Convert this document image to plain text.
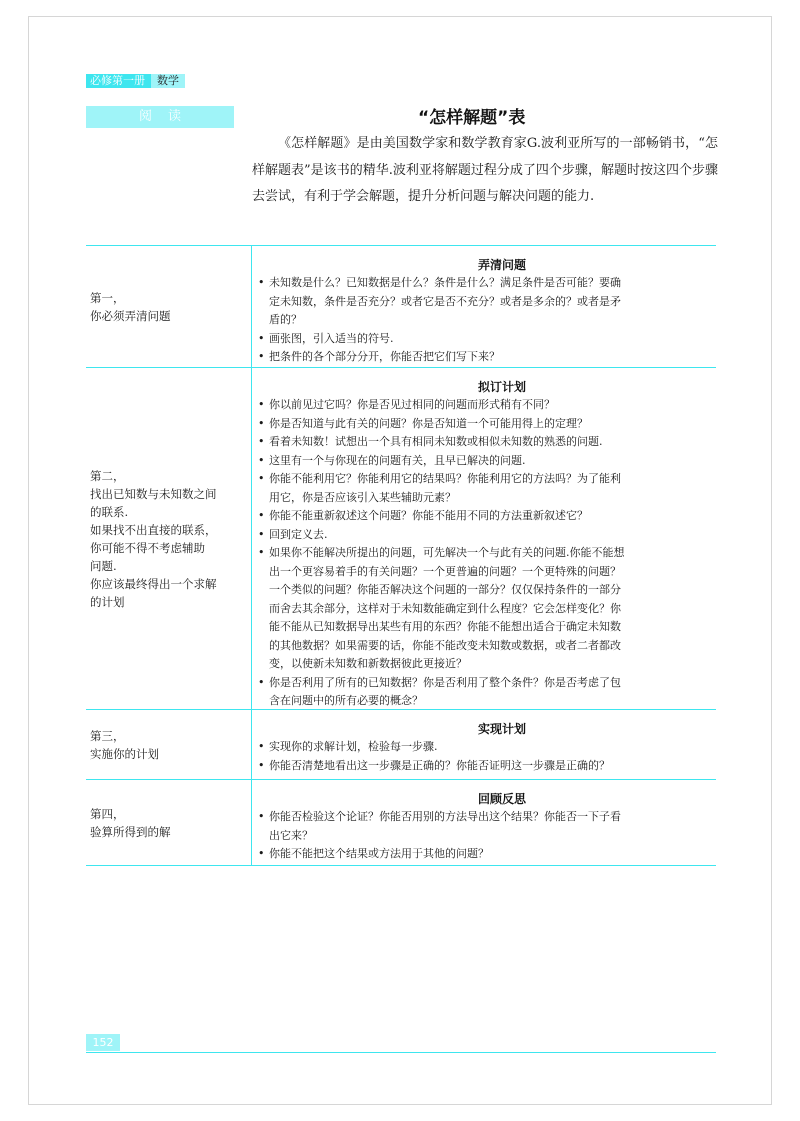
必修第一册	数学
阅读	“怎样解题”表
《怎样解题》是由美国数学家和数学教育家G.波利亚所写的一部畅销书，“怎样解题表”是该书的精华.波利亚将解题过程分成了四个步骤，解题时按这四个步骤去尝试，有利于学会解题，提升分析问题与解决问题的能力.
第一，
你必须弄清问题
弄清问题
• 未知数是什么？已知数据是什么？条件是什么？满足条件是否可能？要确
定未知数，条件是否充分？或者它是否不充分？或者是多余的？或者是矛
盾的？
• 画张图，引入适当的符号.
• 把条件的各个部分分开，你能否把它们写下来？
第二，
找出已知数与未知数之间
的联系.
如果找不出直接的联系，
你可能不得不考虑辅助
问题.
你应该最终得出一个求解
的计划
拟订计划
• 你以前见过它吗？你是否见过相同的问题而形式稍有不同？
• 你是否知道与此有关的问题？你是否知道一个可能用得上的定理？
• 看着未知数！试想出一个具有相同未知数或相似未知数的熟悉的问题.
• 这里有一个与你现在的问题有关，且早已解决的问题.
• 你能不能利用它？你能利用它的结果吗？你能利用它的方法吗？为了能利
用它，你是否应该引入某些辅助元素？
• 你能不能重新叙述这个问题？你能不能用不同的方法重新叙述它？
• 回到定义去.
• 如果你不能解决所提出的问题，可先解决一个与此有关的问题.你能不能想
出一个更容易着手的有关问题？一个更普遍的问题？一个更特殊的问题？
一个类似的问题？你能否解决这个问题的一部分？仅仅保持条件的一部分
而舍去其余部分，这样对于未知数能确定到什么程度？它会怎样变化？你
能不能从已知数据导出某些有用的东西？你能不能想出适合于确定未知数
的其他数据？如果需要的话，你能不能改变未知数或数据，或者二者都改
变，以使新未知数和新数据彼此更接近？
• 你是否利用了所有的已知数据？你是否利用了整个条件？你是否考虑了包
含在问题中的所有必要的概念？
第三，
实施你的计划
实现计划
• 实现你的求解计划，检验每一步骤.
• 你能否清楚地看出这一步骤是正确的？你能否证明这一步骤是正确的？
第四，
验算所得到的解
回顾反思
• 你能否检验这个论证？你能否用别的方法导出这个结果？你能否一下子看
出它来？
• 你能不能把这个结果或方法用于其他的问题？
152
